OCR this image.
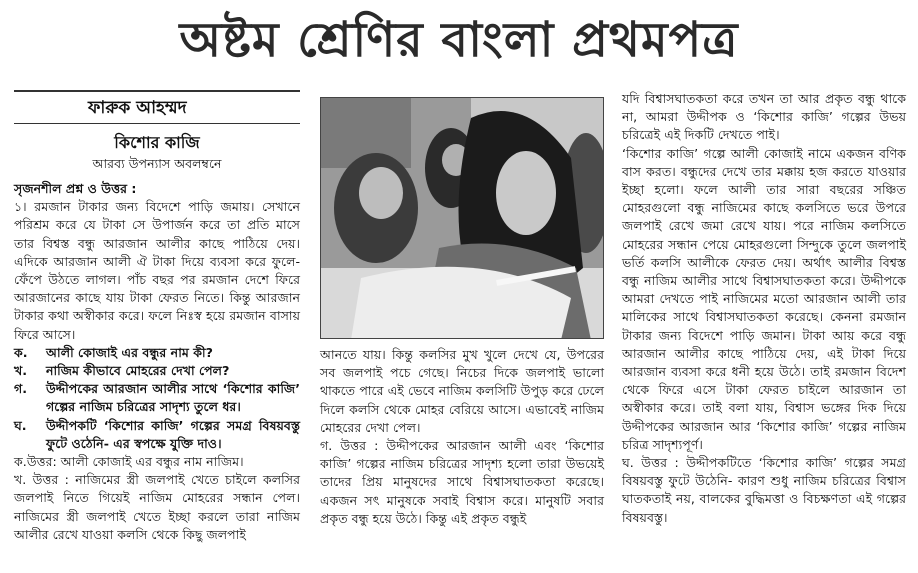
অষ্টম শ্রেণির বাংলা প্রথমপত্র
ফারুক আহম্মদ
কিশোর কাজি
আরব্য উপন্যাস অবলম্বনে

সৃজনশীল প্রশ্ন ও উত্তর :

১। রমজান টাকার জন্য বিদেশে পাড়ি জমায়। সেখানে পরিশ্রম করে যে টাকা সে উপার্জন করে তা প্রতি মাসে তার বিশ্বস্ত বন্ধু আরজান আলীর কাছে পাঠিয়ে দেয়। এদিকে আরজান আলী ঐ টাকা দিয়ে ব্যবসা করে ফুলে- ফেঁপে উঠতে লাগল। পাঁচ বছর পর রমজান দেশে ফিরে আরজানের কাছে যায় টাকা ফেরত নিতে। কিন্তু আরজান টাকার কথা অস্বীকার করে। ফলে নিঃস্ব হয়ে রমজান বাসায় ফিরে আসে।

ক. আলী কোজাই এর বন্ধুর নাম কী?

খ. নাজিম কীভাবে মোহরের দেখা পেল?

গ. উদ্দীপকের আরজান আলীর সাথে ‘কিশোর কাজি’ গল্পের নাজিম চরিত্রের সাদৃশ্য তুলে ধর।

ঘ. উদ্দীপকটি ‘কিশোর কাজি’ গল্পের সমগ্র বিষয়বস্তু ফুটে ওঠেনি- এর স্বপক্ষে যুক্তি দাও।

ক.উত্তর: আলী কোজাই এর বন্ধুর নাম নাজিম।

খ. উত্তর : নাজিমের স্ত্রী জলপাই খেতে চাইলে কলসির জলপাই নিতে গিয়েই নাজিম মোহরের সন্ধান পেল। নাজিমের স্ত্রী জলপাই খেতে ইচ্ছা করলে তারা নাজিম আলীর রেখে যাওয়া কলসি থেকে কিছু জলপাই

আনতে যায়। কিন্তু কলসির মুখ খুলে দেখে যে, উপরের সব জলপাই পচে গেছে। নিচের দিকে জলপাই ভালো থাকতে পারে এই ভেবে নাজিম কলসিটি উপুড় করে ঢেলে দিলে কলসি থেকে মোহর বেরিয়ে আসে। এভাবেই নাজিম মোহরের দেখা পেল।

গ. উত্তর : উদ্দীপকের আরজান আলী এবং ‘কিশোর কাজি’ গল্পের নাজিম চরিত্রের সাদৃশ্য হলো তারা উভয়েই তাদের প্রিয় মানুষদের সাথে বিশ্বাসঘাতকতা করেছে। একজন সৎ মানুষকে সবাই বিশ্বাস করে। মানুষটি সবার প্রকৃত বন্ধু হয়ে উঠে। কিন্তু এই প্রকৃত বন্ধুই

যদি বিশ্বাসঘাতকতা করে তখন তা আর প্রকৃত বন্ধু থাকে না, আমরা উদ্দীপক ও ‘কিশোর কাজি’ গল্পের উভয় চরিত্রেই এই দিকটি দেখতে পাই।

‘কিশোর কাজি’ গল্পে আলী কোজাই নামে একজন বণিক বাস করত। বন্ধুদের দেখে তার মক্কায় হজ করতে যাওয়ার ইচ্ছা হলো। ফলে আলী তার সারা বছরের সঞ্চিত মোহরগুলো বন্ধু নাজিমের কাছে কলসিতে ভরে উপরে জলপাই রেখে জমা রেখে যায়। পরে নাজিম কলসিতে মোহরের সন্ধান পেয়ে মোহরগুলো সিন্দুকে তুলে জলপাই ভর্তি কলসি আলীকে ফেরত দেয়। অর্থাৎ আলীর বিশ্বস্ত বন্ধু নাজিম আলীর সাথে বিশ্বাসঘাতকতা করে। উদ্দীপকে আমরা দেখতে পাই নাজিমের মতো আরজান আলী তার মালিকের সাথে বিশ্বাসঘাতকতা করেছে। কেননা রমজান টাকার জন্য বিদেশে পাড়ি জমান। টাকা আয় করে বন্ধু আরজান আলীর কাছে পাঠিয়ে দেয়, এই টাকা দিয়ে আরজান ব্যবসা করে ধনী হয়ে উঠে। তাই রমজান বিদেশ থেকে ফিরে এসে টাকা ফেরত চাইলে আরজান তা অস্বীকার করে। তাই বলা যায়, বিশ্বাস ভঙ্গের দিক দিয়ে উদ্দীপকের আরজান আর ‘কিশোর কাজি’ গল্পের নাজিম চরিত্র সাদৃশ্যপূর্ণ।

ঘ. উত্তর : উদ্দীপকটিতে ‘কিশোর কাজি’ গল্পের সমগ্র বিষয়বস্তু ফুটে উঠেনি- কারণ শুধু নাজিম চরিত্রের বিশ্বাস ঘাতকতাই নয়, বালকের বুদ্ধিমত্তা ও বিচক্ষণতা এই গল্পের বিষয়বস্তু।
